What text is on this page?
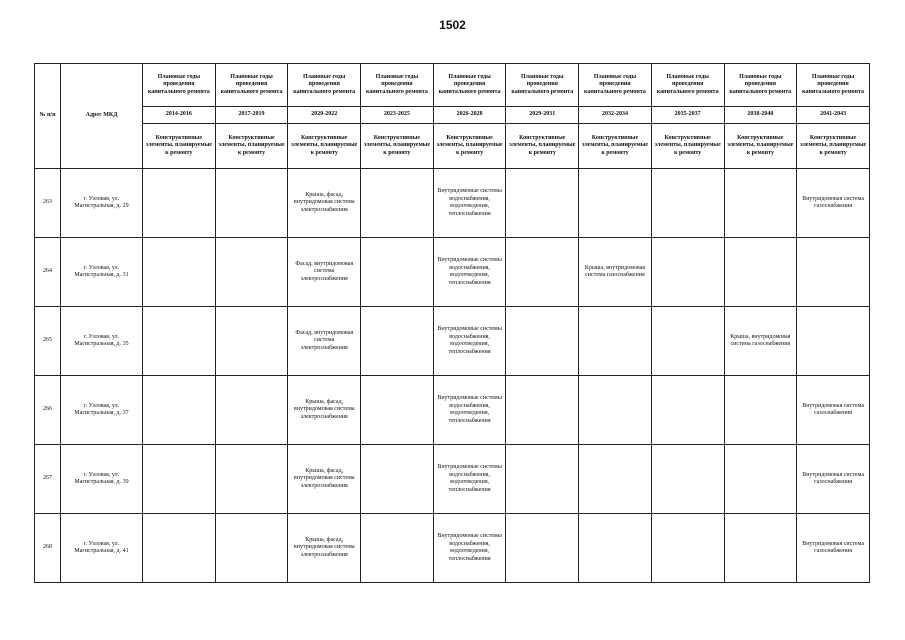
1502
№ п/п	Адрес МКД	Плановые годы проведения капитального ремонта	Плановые годы проведения капитального ремонта	Плановые годы проведения капитального ремонта	Плановые годы проведения капитального ремонта	Плановые годы проведения капитального ремонта	Плановые годы проведения капитального ремонта	Плановые годы проведения капитального ремонта	Плановые годы проведения капитального ремонта	Плановые годы проведения капитального ремонта	Плановые годы проведения капитального ремонта
		2014-2016	2017-2019	2020-2022	2023-2025	2026-2028	2029-2031	2032-2034	2035-2037	2038-2040	2041-2043
		Конструктивные элементы, планируемые к ремонту	Конструктивные элементы, планируемые к ремонту	Конструктивные элементы, планируемые к ремонту	Конструктивные элементы, планируемые к ремонту	Конструктивные элементы, планируемые к ремонту	Конструктивные элементы, планируемые к ремонту	Конструктивные элементы, планируемые к ремонту	Конструктивные элементы, планируемые к ремонту	Конструктивные элементы, планируемые к ремонту	Конструктивные элементы, планируемые к ремонту
263	г. Узловая, ул. Магистральная, д. 29			Крыша, фасад, внутридомовая система электроснабжения		Внутридомовые системы водоснабжения, водоотведения, теплоснабжения					Внутридомовая система газоснабжения
264	г. Узловая, ул. Магистральная, д. 31			Фасад, внутридомовая система электроснабжения		Внутридомовые системы водоснабжения, водоотведения, теплоснабжения		Крыша, внутридомовая система газоснабжения			
265	г. Узловая, ул. Магистральная, д. 35			Фасад, внутридомовая система электроснабжения		Внутридомовые системы водоснабжения, водоотведения, теплоснабжения				Крыша, внутридомовая система газоснабжения	
266	г. Узловая, ул. Магистральная, д. 37			Крыша, фасад, внутридомовая система электроснабжения		Внутридомовые системы водоснабжения, водоотведения, теплоснабжения					Внутридомовая система газоснабжения
267	г. Узловая, ул. Магистральная, д. 39			Крыша, фасад, внутридомовая система электроснабжения		Внутридомовые системы водоснабжения, водоотведения, теплоснабжения					Внутридомовая система газоснабжения
268	г. Узловая, ул. Магистральная, д. 41			Крыша, фасад, внутридомовая система электроснабжения		Внутридомовые системы водоснабжения, водоотведения, теплоснабжения					Внутридомовая система газоснабжения
